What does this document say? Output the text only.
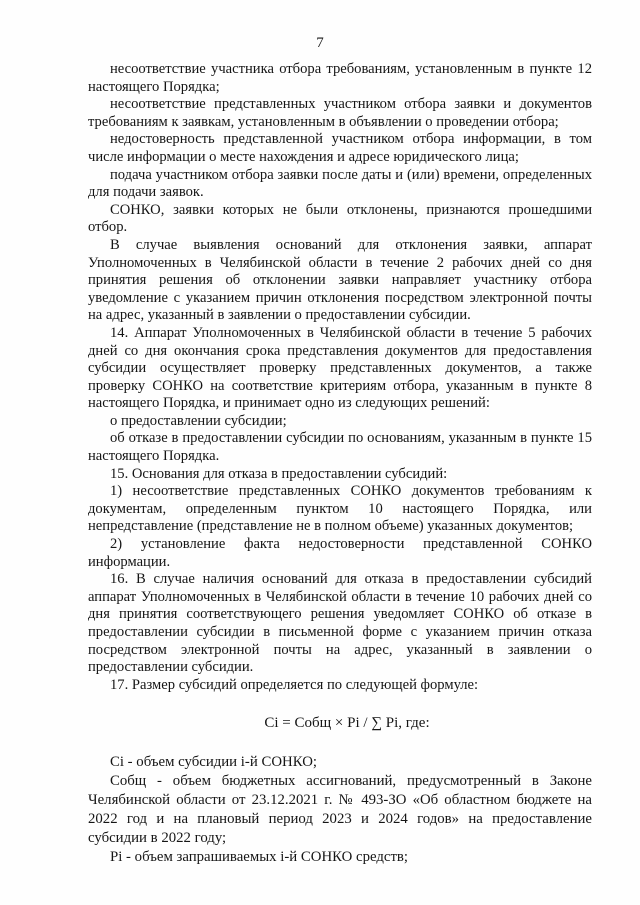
7

несоответствие участника отбора требованиям, установленным в пункте 12 настоящего Порядка;

несоответствие представленных участником отбора заявки и документов требованиям к заявкам, установленным в объявлении о проведении отбора;

недостоверность представленной участником отбора информации, в том числе информации о месте нахождения и адресе юридического лица;

подача участником отбора заявки после даты и (или) времени, определенных для подачи заявок.

СОНКО, заявки которых не были отклонены, признаются прошедшими отбор.

В случае выявления оснований для отклонения заявки, аппарат Уполномоченных в Челябинской области в течение 2 рабочих дней со дня принятия решения об отклонении заявки направляет участнику отбора уведомление с указанием причин отклонения посредством электронной почты на адрес, указанный в заявлении о предоставлении субсидии.

14. Аппарат Уполномоченных в Челябинской области в течение 5 рабочих дней со дня окончания срока представления документов для предоставления субсидии осуществляет проверку представленных документов, а также проверку СОНКО на соответствие критериям отбора, указанным в пункте 8 настоящего Порядка, и принимает одно из следующих решений:

о предоставлении субсидии;

об отказе в предоставлении субсидии по основаниям, указанным в пункте 15 настоящего Порядка.

15. Основания для отказа в предоставлении субсидий:

1) несоответствие представленных СОНКО документов требованиям к документам, определенным пунктом 10 настоящего Порядка, или непредставление (представление не в полном объеме) указанных документов;

2) установление факта недостоверности представленной СОНКО информации.

16. В случае наличия оснований для отказа в предоставлении субсидий аппарат Уполномоченных в Челябинской области в течение 10 рабочих дней со дня принятия соответствующего решения уведомляет СОНКО об отказе в предоставлении субсидии в письменной форме с указанием причин отказа посредством электронной почты на адрес, указанный в заявлении о предоставлении субсидии.

17. Размер субсидий определяется по следующей формуле:

Сi = Собщ × Pi / ∑ Pi, где:

Сi - объем субсидии i-й СОНКО;

Собщ - объем бюджетных ассигнований, предусмотренный в Законе Челябинской области от 23.12.2021 г. № 493-ЗО «Об областном бюджете на 2022 год и на плановый период 2023 и 2024 годов» на предоставление субсидии в 2022 году;

Pi - объем запрашиваемых i-й СОНКО средств;
